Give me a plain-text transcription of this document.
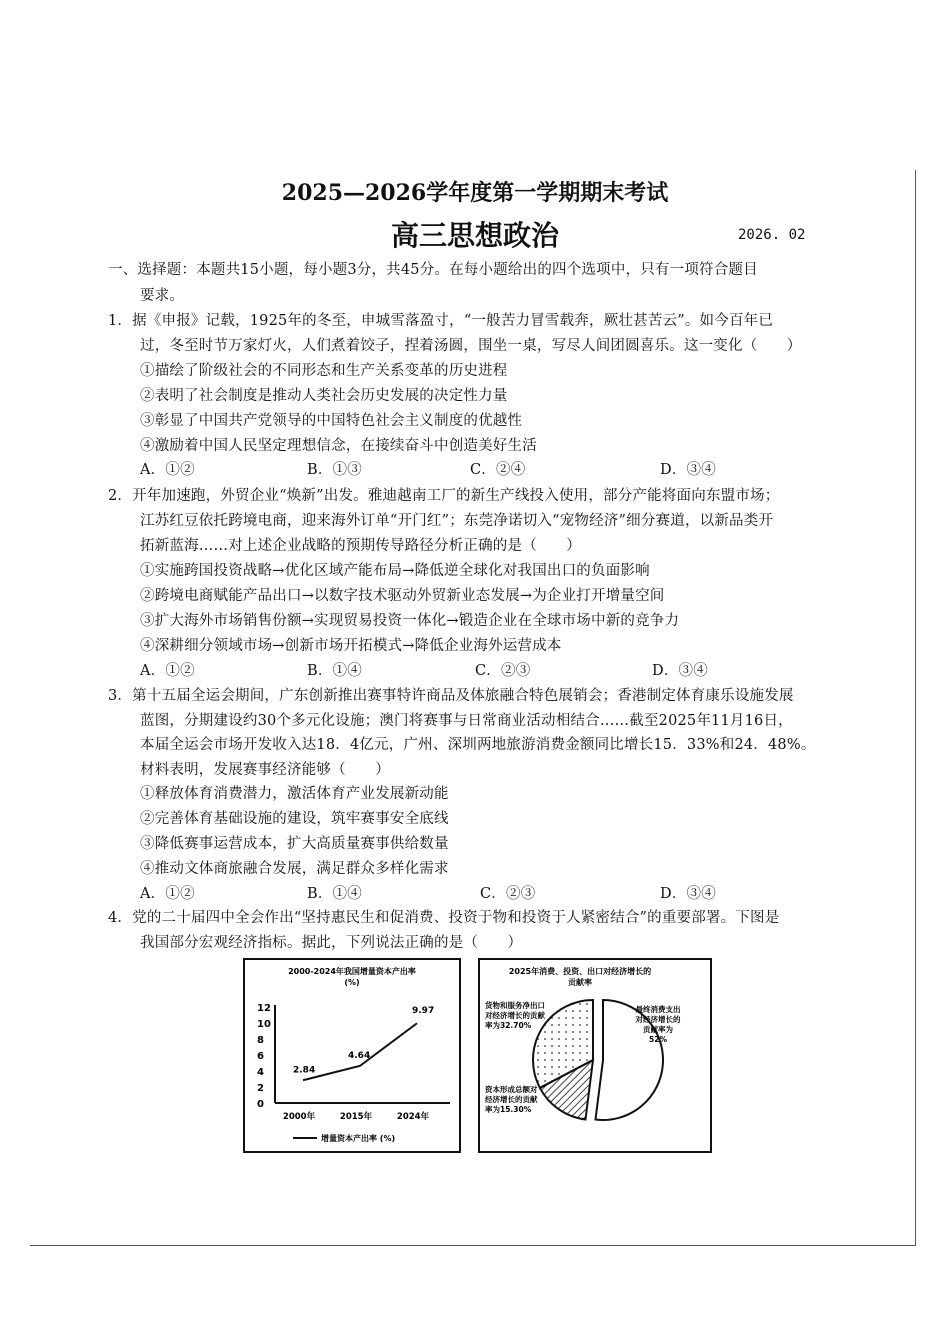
2025—2026学年度第一学期期末考试
高三思想政治	2026. 02
一、选择题：本题共15小题，每小题3分，共45分。在每小题给出的四个选项中，只有一项符合题目
要求。
1．据《申报》记载，1925年的冬至，申城雪落盈寸，“一般苦力冒雪载奔，厥壮甚苦云”。如今百年已
过，冬至时节万家灯火，人们煮着饺子，捏着汤圆，围坐一桌，写尽人间团圆喜乐。这一变化（　　）
①描绘了阶级社会的不同形态和生产关系变革的历史进程
②表明了社会制度是推动人类社会历史发展的决定性力量
③彰显了中国共产党领导的中国特色社会主义制度的优越性
④激励着中国人民坚定理想信念，在接续奋斗中创造美好生活
2．开年加速跑，外贸企业“焕新”出发。雅迪越南工厂的新生产线投入使用，部分产能将面向东盟市场；
江苏红豆依托跨境电商，迎来海外订单“开门红”；东莞净诺切入“宠物经济”细分赛道，以新品类开
拓新蓝海……对上述企业战略的预期传导路径分析正确的是（　　）
①实施跨国投资战略→优化区域产能布局→降低逆全球化对我国出口的负面影响
②跨境电商赋能产品出口→以数字技术驱动外贸新业态发展→为企业打开增量空间
③扩大海外市场销售份额→实现贸易投资一体化→锻造企业在全球市场中新的竞争力
④深耕细分领域市场→创新市场开拓模式→降低企业海外运营成本
3．第十五届全运会期间，广东创新推出赛事特许商品及体旅融合特色展销会；香港制定体育康乐设施发展
蓝图，分期建设约30个多元化设施；澳门将赛事与日常商业活动相结合……截至2025年11月16日，
本届全运会市场开发收入达18．4亿元，广州、深圳两地旅游消费金额同比增长15．33%和24．48%。
材料表明，发展赛事经济能够（　　）
①释放体育消费潜力，激活体育产业发展新动能
②完善体育基础设施的建设，筑牢赛事安全底线
③降低赛事运营成本，扩大高质量赛事供给数量
④推动文体商旅融合发展，满足群众多样化需求
4．党的二十届四中全会作出“坚持惠民生和促消费、投资于物和投资于人紧密结合”的重要部署。下图是
我国部分宏观经济指标。据此，下列说法正确的是（　　）
A．①②	B．①③	C．②④	D．③④
A．①②	B．①④	C．②③	D．③④
A．①②	B．①④	C．②③	D．③④
2000-2024年我国增量资本产出率
(%)
0
2
4
6
8
10
12
2.84
4.64
9.97
2000年	2015年	2024年
增量资本产出率 (%)
2025年消费、投资、出口对经济增长的
贡献率
最终消费支出
对经济增长的
贡献率为
52%
资本形成总额对
经济增长的贡献
率为15.30%
货物和服务净出口
对经济增长的贡献
率为32.70%
